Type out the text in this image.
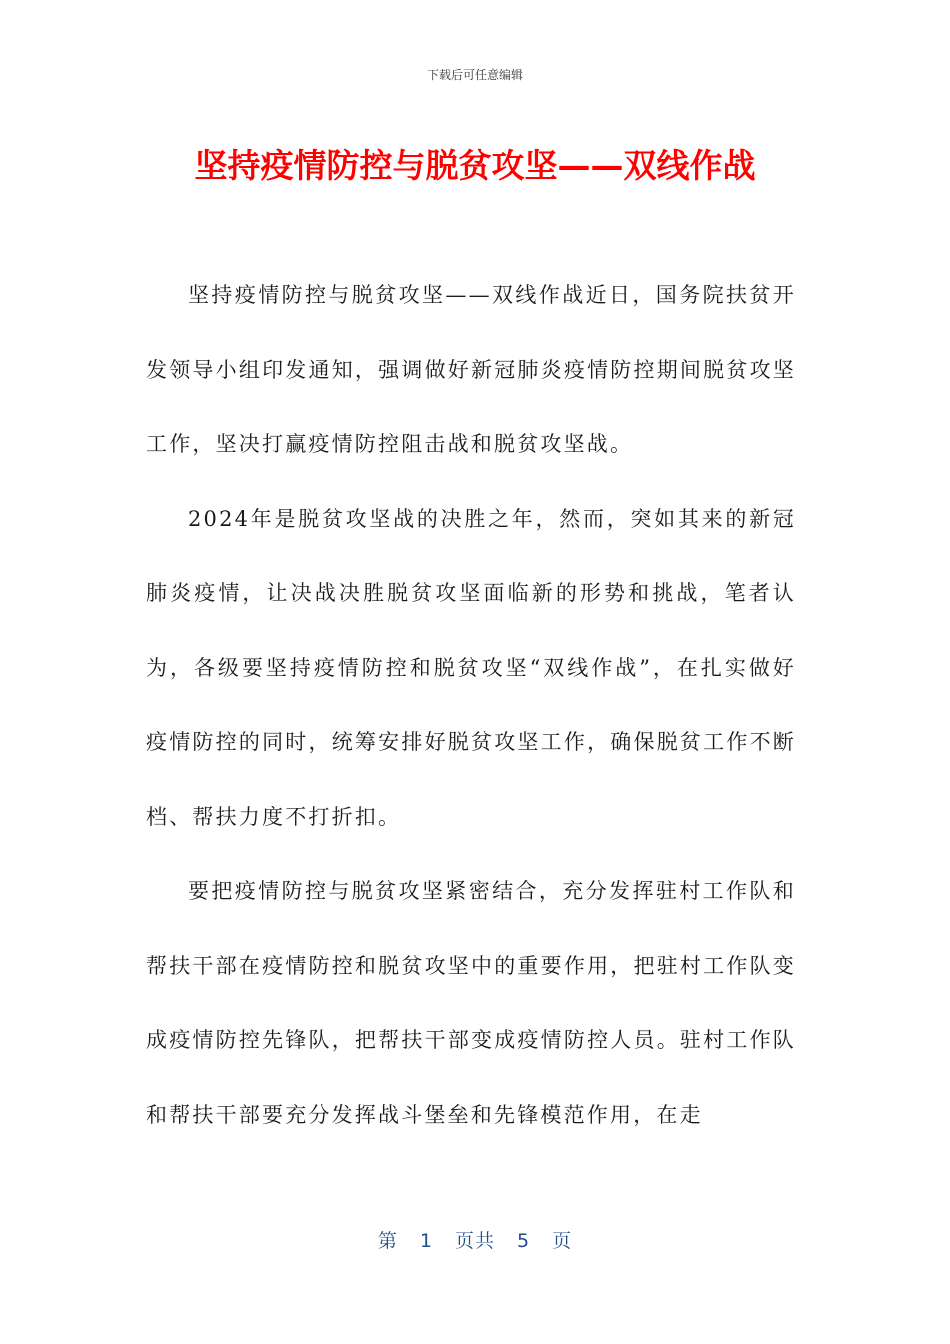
下载后可任意编辑
坚持疫情防控与脱贫攻坚——双线作战

坚持疫情防控与脱贫攻坚——双线作战近日，国务院扶贫开发领导小组印发通知，强调做好新冠肺炎疫情防控期间脱贫攻坚工作，坚决打赢疫情防控阻击战和脱贫攻坚战。

2024年是脱贫攻坚战的决胜之年，然而，突如其来的新冠肺炎疫情，让决战决胜脱贫攻坚面临新的形势和挑战，笔者认为，各级要坚持疫情防控和脱贫攻坚“双线作战”，在扎实做好疫情防控的同时，统筹安排好脱贫攻坚工作，确保脱贫工作不断档、帮扶力度不打折扣。

要把疫情防控与脱贫攻坚紧密结合，充分发挥驻村工作队和帮扶干部在疫情防控和脱贫攻坚中的重要作用，把驻村工作队变成疫情防控先锋队，把帮扶干部变成疫情防控人员。驻村工作队和帮扶干部要充分发挥战斗堡垒和先锋模范作用，在走

第 1 页共 5 页
